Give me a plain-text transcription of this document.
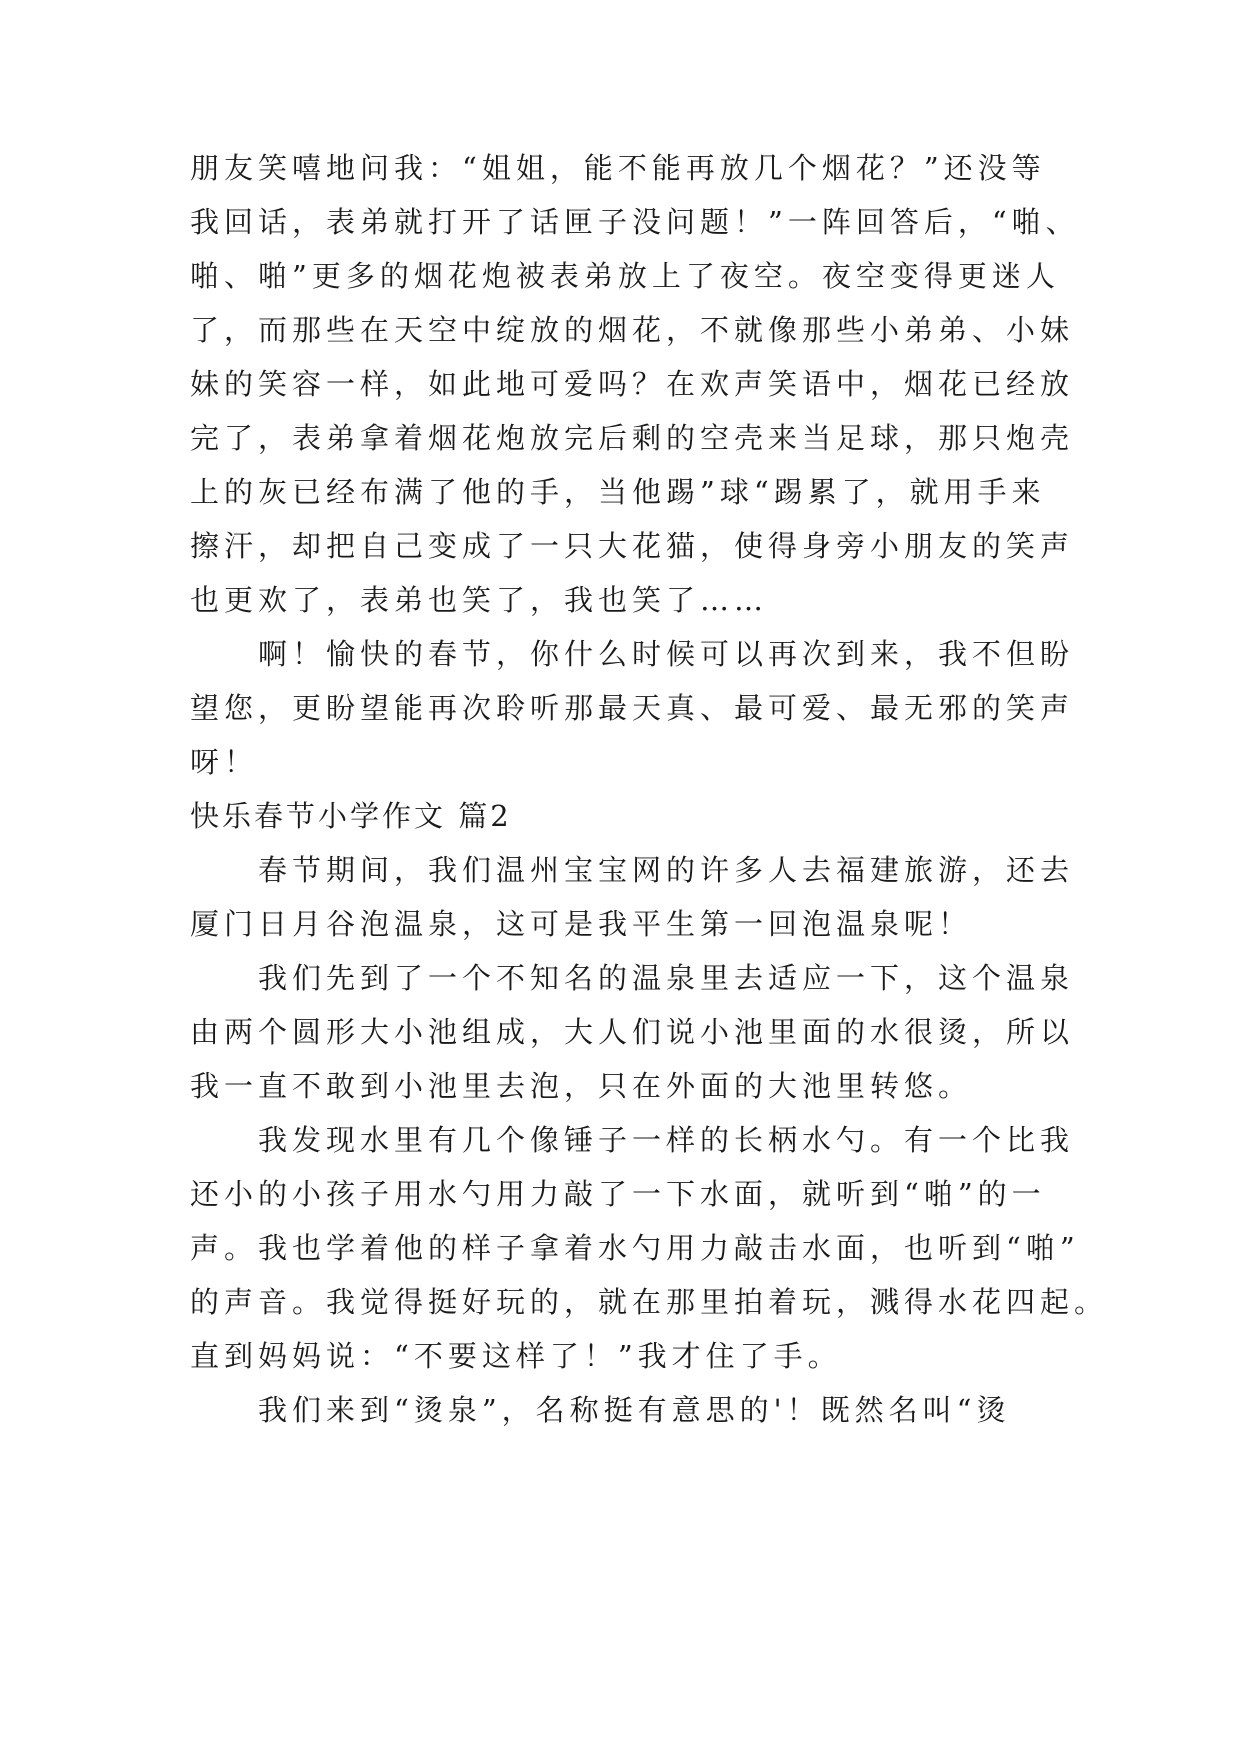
朋友笑嘻地问我：“姐姐，能不能再放几个烟花？”还没等
我回话，表弟就打开了话匣子没问题！”一阵回答后，“啪、
啪、啪”更多的烟花炮被表弟放上了夜空。夜空变得更迷人
了，而那些在天空中绽放的烟花，不就像那些小弟弟、小妹
妹的笑容一样，如此地可爱吗？在欢声笑语中，烟花已经放
完了，表弟拿着烟花炮放完后剩的空壳来当足球，那只炮壳
上的灰已经布满了他的手，当他踢”球“踢累了，就用手来
擦汗，却把自己变成了一只大花猫，使得身旁小朋友的笑声
也更欢了，表弟也笑了，我也笑了……
　　啊！愉快的春节，你什么时候可以再次到来，我不但盼
望您，更盼望能再次聆听那最天真、最可爱、最无邪的笑声
呀！
快乐春节小学作文 篇2
　　春节期间，我们温州宝宝网的许多人去福建旅游，还去
厦门日月谷泡温泉，这可是我平生第一回泡温泉呢！
　　我们先到了一个不知名的温泉里去适应一下，这个温泉
由两个圆形大小池组成，大人们说小池里面的水很烫，所以
我一直不敢到小池里去泡，只在外面的大池里转悠。
　　我发现水里有几个像锤子一样的长柄水勺。有一个比我
还小的小孩子用水勺用力敲了一下水面，就听到“啪”的一
声。我也学着他的样子拿着水勺用力敲击水面，也听到“啪”
的声音。我觉得挺好玩的，就在那里拍着玩，溅得水花四起。
直到妈妈说：“不要这样了！”我才住了手。
　　我们来到“烫泉”，名称挺有意思的'！既然名叫“烫
